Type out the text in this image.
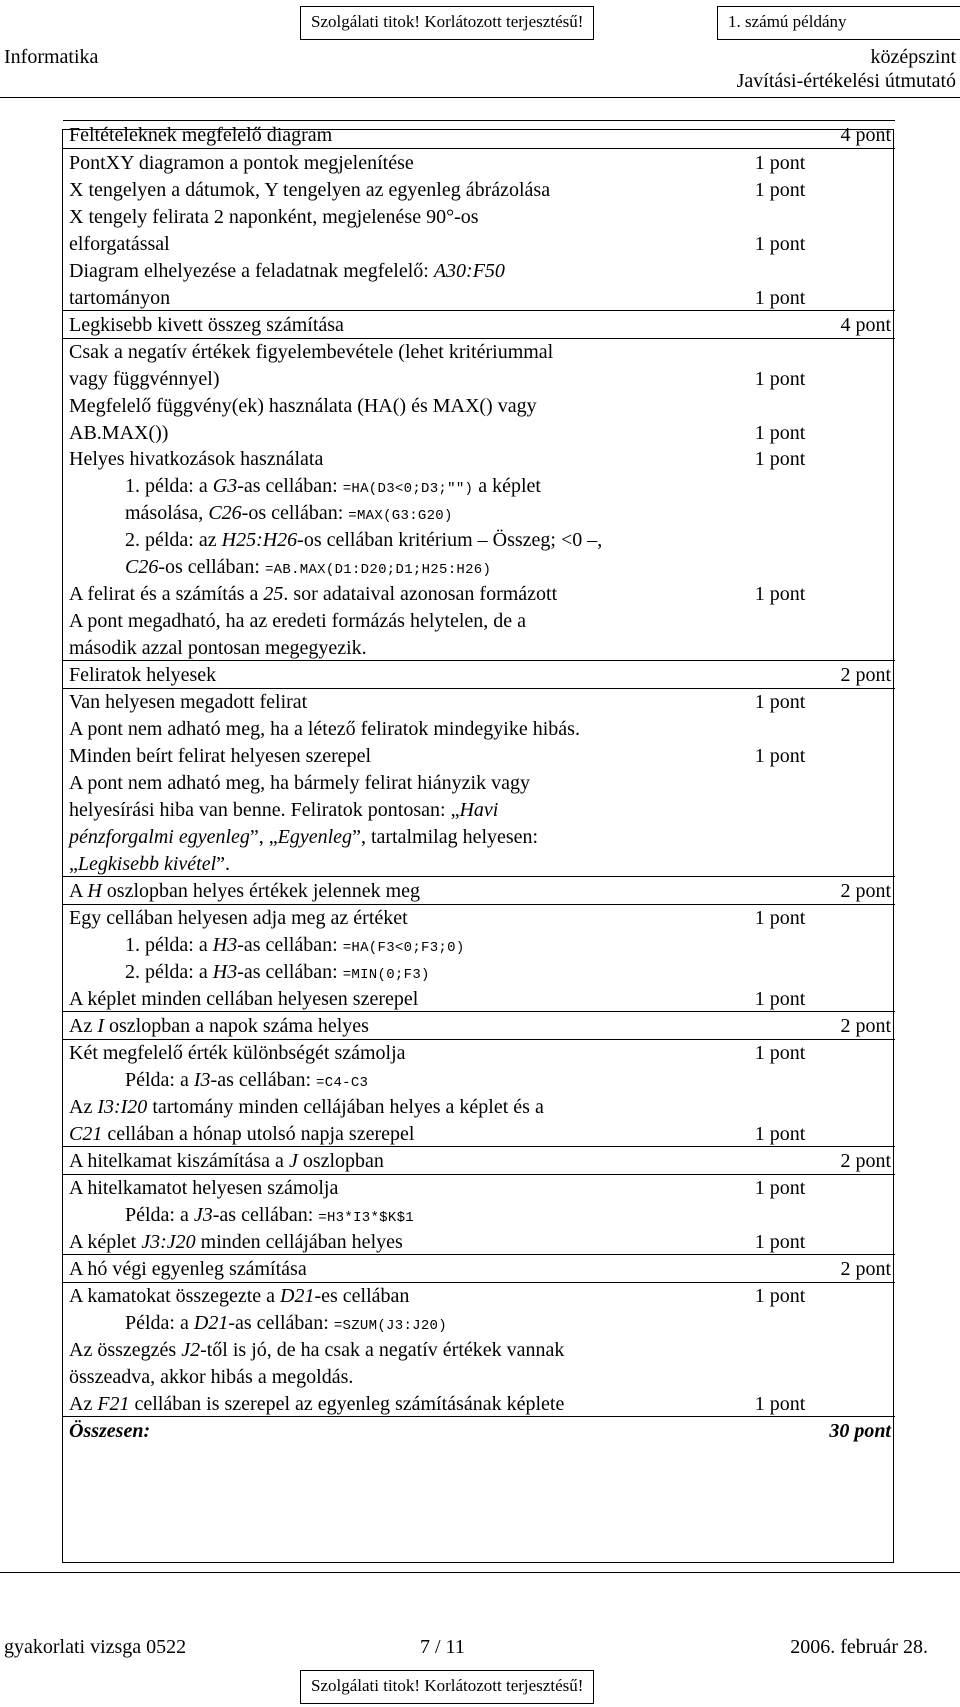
Szolgálati titok! Korlátozott terjesztésű!	1. számú példány
Informatika	középszint
Javítási-értékelési útmutató
Feltételeknek megfelelő diagram	4 pont
PontXY diagramon a pontok megjelenítése	1 pont
X tengelyen a dátumok, Y tengelyen az egyenleg ábrázolása	1 pont
X tengely felirata 2 naponként, megjelenése 90°-os
elforgatással	1 pont
Diagram elhelyezése a feladatnak megfelelő: A30:F50
tartományon	1 pont
Legkisebb kivett összeg számítása	4 pont
Csak a negatív értékek figyelembevétele (lehet kritériummal
vagy függvénnyel)	1 pont
Megfelelő függvény(ek) használata (HA() és MAX() vagy
AB.MAX())	1 pont
Helyes hivatkozások használata	1 pont
1. példa: a G3-as cellában: =HA(D3<0;D3;"") a képlet
másolása, C26-os cellában: =MAX(G3:G20)
2. példa: az H25:H26-os cellában kritérium – Összeg; <0 –,
C26-os cellában: =AB.MAX(D1:D20;D1;H25:H26)
A felirat és a számítás a 25. sor adataival azonosan formázott	1 pont
A pont megadható, ha az eredeti formázás helytelen, de a
második azzal pontosan megegyezik.
Feliratok helyesek	2 pont
Van helyesen megadott felirat	1 pont
A pont nem adható meg, ha a létező feliratok mindegyike hibás.
Minden beírt felirat helyesen szerepel	1 pont
A pont nem adható meg, ha bármely felirat hiányzik vagy
helyesírási hiba van benne. Feliratok pontosan: „Havi
pénzforgalmi egyenleg”, „Egyenleg”, tartalmilag helyesen:
„Legkisebb kivétel”.
A H oszlopban helyes értékek jelennek meg	2 pont
Egy cellában helyesen adja meg az értéket	1 pont
1. példa: a H3-as cellában: =HA(F3<0;F3;0)
2. példa: a H3-as cellában: =MIN(0;F3)
A képlet minden cellában helyesen szerepel	1 pont
Az I oszlopban a napok száma helyes	2 pont
Két megfelelő érték különbségét számolja	1 pont
Példa: a I3-as cellában: =C4-C3
Az I3:I20 tartomány minden cellájában helyes a képlet és a
C21 cellában a hónap utolsó napja szerepel	1 pont
A hitelkamat kiszámítása a J oszlopban	2 pont
A hitelkamatot helyesen számolja	1 pont
Példa: a J3-as cellában: =H3*I3*$K$1
A képlet J3:J20 minden cellájában helyes	1 pont
A hó végi egyenleg számítása	2 pont
A kamatokat összegezte a D21-es cellában	1 pont
Példa: a D21-as cellában: =SZUM(J3:J20)
Az összegzés J2-től is jó, de ha csak a negatív értékek vannak
összeadva, akkor hibás a megoldás.
Az F21 cellában is szerepel az egyenleg számításának képlete	1 pont
Összesen:	30 pont
gyakorlati vizsga 0522	7 / 11	2006. február 28.
Szolgálati titok! Korlátozott terjesztésű!
